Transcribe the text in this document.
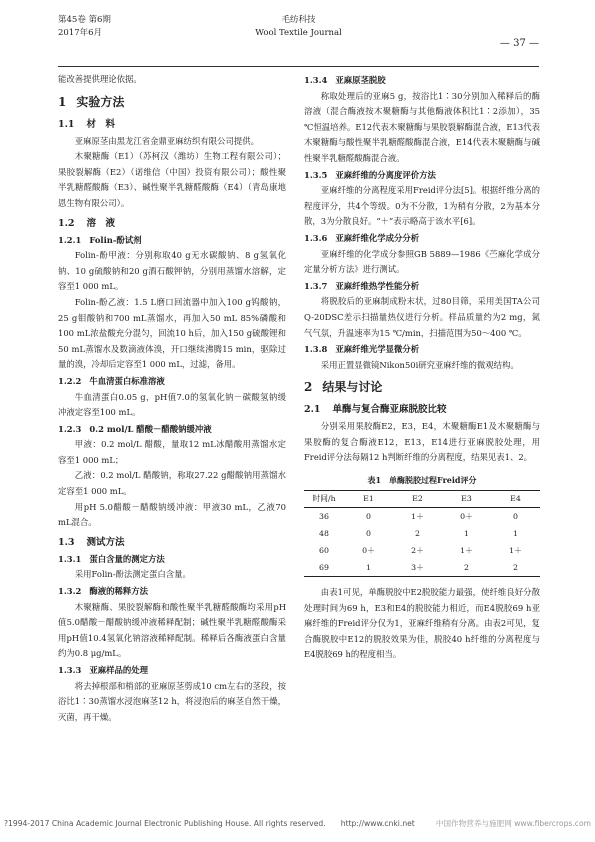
第45卷 第6期
2017年6月
毛纺科技
Wool Textile Journal
— 37 —

能改善提供理论依据。

1 实验方法
1.1 材　料

亚麻原茎由黑龙江省金鼎亚麻纺织有限公司提供。

木聚糖酶（E1）（苏柯汉（潍坊）生物工程有限公司）；果胶裂解酶（E2）（诺维信（中国）投资有限公司）；酸性聚半乳糖醛酸酶（E3）、碱性聚半乳糖醛酸酶（E4）（青岛康地恩生物有限公司）。

1.2 溶　液
1.2.1 Folin-酚试剂

Folin-酚甲液：分别称取40 g无水碳酸钠、8 g氢氧化钠、10 g硫酸钠和20 g酒石酸钾钠，分别用蒸馏水溶解，定容至1 000 mL。

Folin-酚乙液：1.5 L磨口回流器中加入100 g钨酸钠，25 g钼酸钠和700 mL蒸馏水，再加入50 mL 85%磷酸和100 mL浓盐酸充分混匀，回流10 h后，加入150 g硫酸锂和50 mL蒸馏水及数滴液体溴，开口继续沸腾15 min，驱除过量的溴，冷却后定容至1 000 mL，过滤，备用。

1.2.2 牛血清蛋白标准溶液

牛血清蛋白0.05 g，pH值7.0的氢氧化钠－碳酸氢钠缓冲液定容至100 mL。

1.2.3 0.2 mol/L 醋酸－醋酸钠缓冲液

甲液：0.2 mol/L 醋酸，量取12 mL冰醋酸用蒸馏水定容至1 000 mL；

乙液：0.2 mol/L 醋酸钠，称取27.22 g醋酸钠用蒸馏水定容至1 000 mL。

用pH 5.0醋酸－醋酸钠缓冲液：甲液30 mL，乙液70 mL混合。

1.3 测试方法
1.3.1 蛋白含量的测定方法

采用Folin-酚法测定蛋白含量。

1.3.2 酶液的稀释方法

木聚糖酶、果胶裂解酶和酸性聚半乳糖醛酸酶均采用pH值5.0醋酸－醋酸钠缓冲液稀释配制；碱性聚半乳糖醛酸酶采用pH值10.4氢氧化钠溶液稀释配制。稀释后各酶液蛋白含量约为0.8 μg/mL。

1.3.3 亚麻样品的处理

将去掉根部和梢部的亚麻原茎剪成10 cm左右的茎段，按浴比1∶30蒸馏水浸泡麻茎12 h，将浸泡后的麻茎自然干燥，灭菌，再干燥。

1.3.4 亚麻原茎脱胶

称取处理后的亚麻5 g，按浴比1∶30分别加入稀释后的酶溶液（混合酶液按木聚糖酶与其他酶液体积比1∶2添加），35 ℃恒温培养。E12代表木聚糖酶与果胶裂解酶混合液，E13代表木聚糖酶与酸性聚半乳糖醛酸酶混合液，E14代表木聚糖酶与碱性聚半乳糖醛酸酶混合液。

1.3.5 亚麻纤维的分离度评价方法

亚麻纤维的分离程度采用Freid评分法[5]。根据纤维分离的程度评分，共4个等级。0为不分散，1为稍有分散，2为基本分散，3为分散良好。“＋”表示略高于该水平[6]。

1.3.6 亚麻纤维化学成分分析

亚麻纤维的化学成分参照GB 5889—1986《苎麻化学成分定量分析方法》进行测试。

1.3.7 亚麻纤维热学性能分析

将脱胶后的亚麻制成粉末状，过80目筛，采用美国TA公司Q-20DSC差示扫描量热仪进行分析。样品质量约为2 mg，氮气气氛，升温速率为15 ℃/min，扫描范围为50～400 ℃。

1.3.8 亚麻纤维光学显微分析

采用正置显微镜Nikon50i研究亚麻纤维的微观结构。

2 结果与讨论
2.1 单酶与复合酶亚麻脱胶比较

分别采用果胶酶E2，E3，E4，木聚糖酶E1及木聚糖酶与果胶酶的复合酶液E12，E13，E14进行亚麻脱胶处理，用Freid评分法每隔12 h判断纤维的分离程度，结果见表1、2。

表1　单酶脱胶过程Freid评分
时间/h	E1	E2	E3	E4
36	0	1＋	0＋	0
48	0	2	1	1
60	0＋	2＋	1＋	1＋
69	1	3＋	2	2

由表1可见，单酶脱胶中E2脱胶能力最强，使纤维良好分散处理时间为69 h，E3和E4的脱胶能力相近，而E4脱胶69 h亚麻纤维的Freid评分仅为1，亚麻纤维稍有分离。由表2可见，复合酶脱胶中E12的脱胶效果为佳，脱胶40 h纤维的分离程度与E4脱胶69 h的程度相当。

?1994-2017 China Academic Journal Electronic Publishing House. All rights reserved.　　http://www.cnki.net	中国作物营养与施肥网 www.fibercrops.com
